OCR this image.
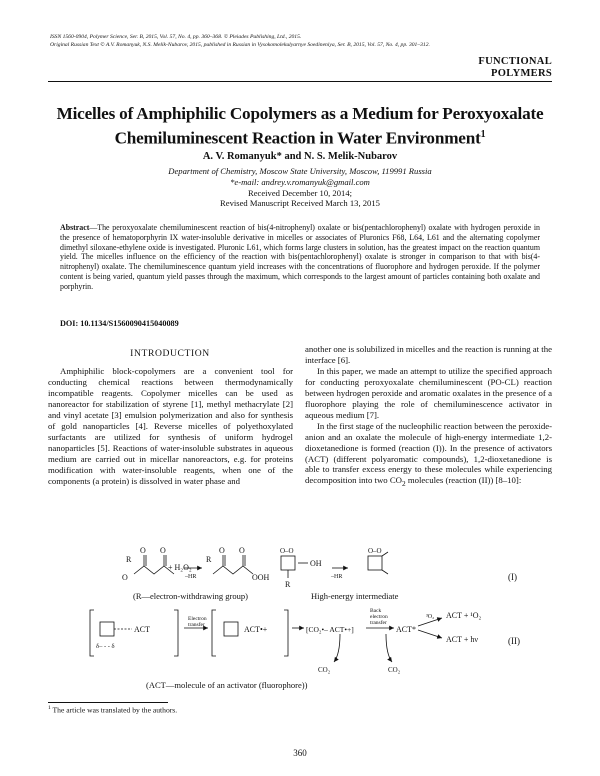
ISSN 1560-0904, Polymer Science, Ser. B, 2015, Vol. 57, No. 4, pp. 360–368. © Pleiades Publishing, Ltd., 2015.
Original Russian Text © A.V. Romanyuk, N.S. Melik-Nubarov, 2015, published in Russian in Vysokomolekulyarnye Soedineniya, Ser. B, 2015, Vol. 57, No. 4, pp. 301–312.
FUNCTIONAL
POLYMERS
Micelles of Amphiphilic Copolymers as a Medium for Peroxyoxalate
Chemiluminescent Reaction in Water Environment$^1$
A. V. Romanyuk* and N. S. Melik-Nubarov
Department of Chemistry, Moscow State University, Moscow, 119991 Russia
*e-mail: andrey.v.romanyuk@gmail.com
Received December 10, 2014;
Revised Manuscript Received March 13, 2015
Abstract—The peroxyoxalate chemiluminescent reaction of bis(4-nitrophenyl) oxalate or bis(pentachlorophenyl) oxalate with hydrogen peroxide in the presence of hematoporphyrin IX water-insoluble derivative in micelles or associates of Pluronics F68, L64, L61 and the alternating copolymer dimethyl siloxane-ethylene oxide is investigated. Pluronic L61, which forms large clusters in solution, has the greatest impact on the reaction quantum yield. The micelles influence on the efficiency of the reaction with bis(pentachlorophenyl) oxalate is stronger in comparison to that with bis(4-nitrophenyl) oxalate. The chemiluminescence quantum yield increases with the concentrations of fluorophore and hydrogen peroxide. If the polymer content is being varied, quantum yield passes through the maximum, which corresponds to the largest amount of particles containing both oxalate and porphyrin.
DOI: 10.1134/S1560090415040089
INTRODUCTION

Amphiphilic block-copolymers are a convenient tool for conducting chemical reactions between thermodynamically incompatible reagents. Copolymer micelles can be used as nanoreactor for stabilization of styrene [1], methyl methacrylate [2] and vinyl acetate [3] emulsion polymerization and also for synthesis of gold nanoparticles [4]. Reverse micelles of polyethoxylated surfactants are utilized for synthesis of uniform hydrogel nanoparticles [5]. Reactions of water-insoluble substrates in aqueous medium are carried out in micellar nanoreactors, e.g. for proteins modification with water-insoluble reagents, when one of the components (a protein) is dissolved in water phase and

another one is solubilized in micelles and the reaction is running at the interface [6].

In this paper, we made an attempt to utilize the specified approach for conducting peroxyoxalate chemiluminescent (PO-CL) reaction between hydrogen peroxide and aromatic oxalates in the presence of a fluorophore playing the role of chemiluminescence activator in aqueous medium [7].

In the first stage of the nucleophilic reaction between the peroxide-anion and an oxalate the molecule of high-energy intermediate 1,2-dioxetanedione is formed (reaction (I)). In the presence of activators (ACT) (different polyaromatic compounds), 1,2-dioxetanedione is able to transfer excess energy to these molecules while experiencing decomposition into two $CO_2$ molecules (reaction (II)) [8–10]:

R
O O
O
+ H₂O₂
–HR
R
O O
OOH
O–O
OH
R
–HR
O–O
(I)
(R—electron-withdrawing group)	High-energy intermediate
ACT
δ– - - δ
Electron
transfer	ACT•+	[CO₂•– ACT•+]
CO₂
Back
electron
transfer
ACT*
CO₂
³O₂ ACT + ¹O₂
ACT + hν	(II)
(ACT—molecule of an activator (fluorophore))
$^1$ The article was translated by the authors.
360
